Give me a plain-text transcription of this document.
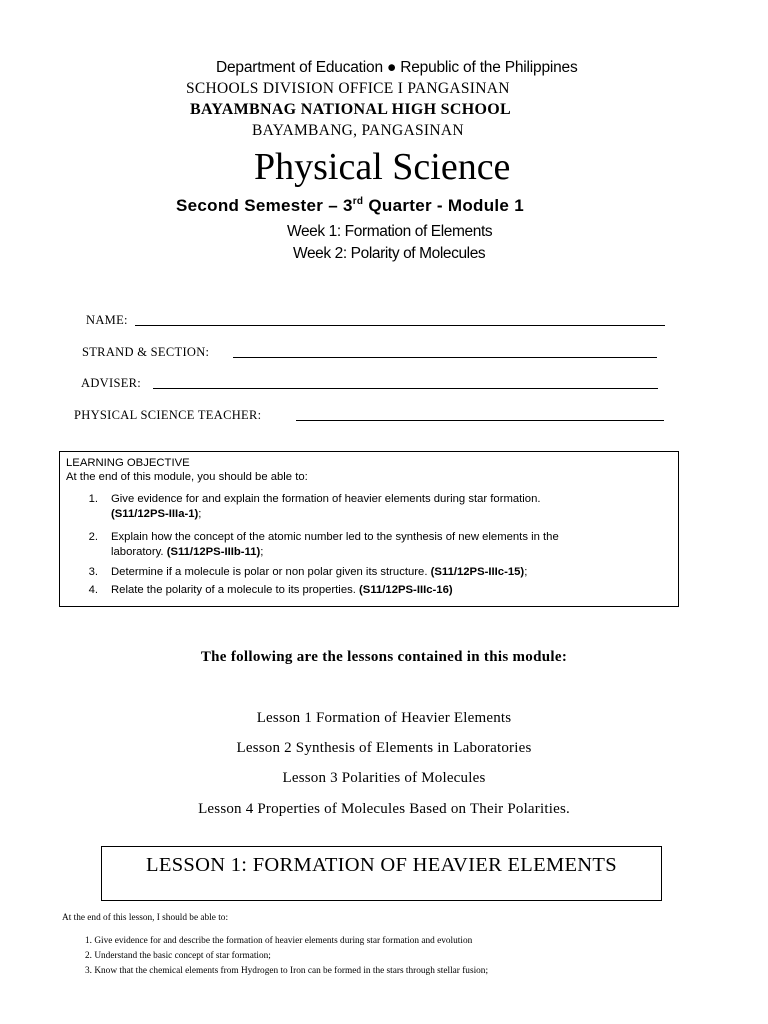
Department of Education ● Republic of the Philippines
SCHOOLS DIVISION OFFICE I PANGASINAN
BAYAMBNAG NATIONAL HIGH SCHOOL
BAYAMBANG, PANGASINAN
Physical Science
Second Semester – 3rd Quarter - Module 1
Week 1: Formation of Elements
Week 2: Polarity of Molecules
NAME:
STRAND & SECTION:
ADVISER:
PHYSICAL SCIENCE TEACHER:
LEARNING OBJECTIVE
At the end of this module, you should be able to:
1. Give evidence for and explain the formation of heavier elements during star formation.
(S11/12PS-IIIa-1);
2. Explain how the concept of the atomic number led to the synthesis of new elements in the
laboratory. (S11/12PS-IIIb-11);
3. Determine if a molecule is polar or non polar given its structure. (S11/12PS-IIIc-15);
4. Relate the polarity of a molecule to its properties. (S11/12PS-IIIc-16)
The following are the lessons contained in this module:
Lesson 1 Formation of Heavier Elements
Lesson 2 Synthesis of Elements in Laboratories
Lesson 3 Polarities of Molecules
Lesson 4 Properties of Molecules Based on Their Polarities.
LESSON 1: FORMATION OF HEAVIER ELEMENTS
At the end of this lesson, I should be able to:
1. Give evidence for and describe the formation of heavier elements during star formation and evolution
2. Understand the basic concept of star formation;
3. Know that the chemical elements from Hydrogen to Iron can be formed in the stars through stellar fusion;
